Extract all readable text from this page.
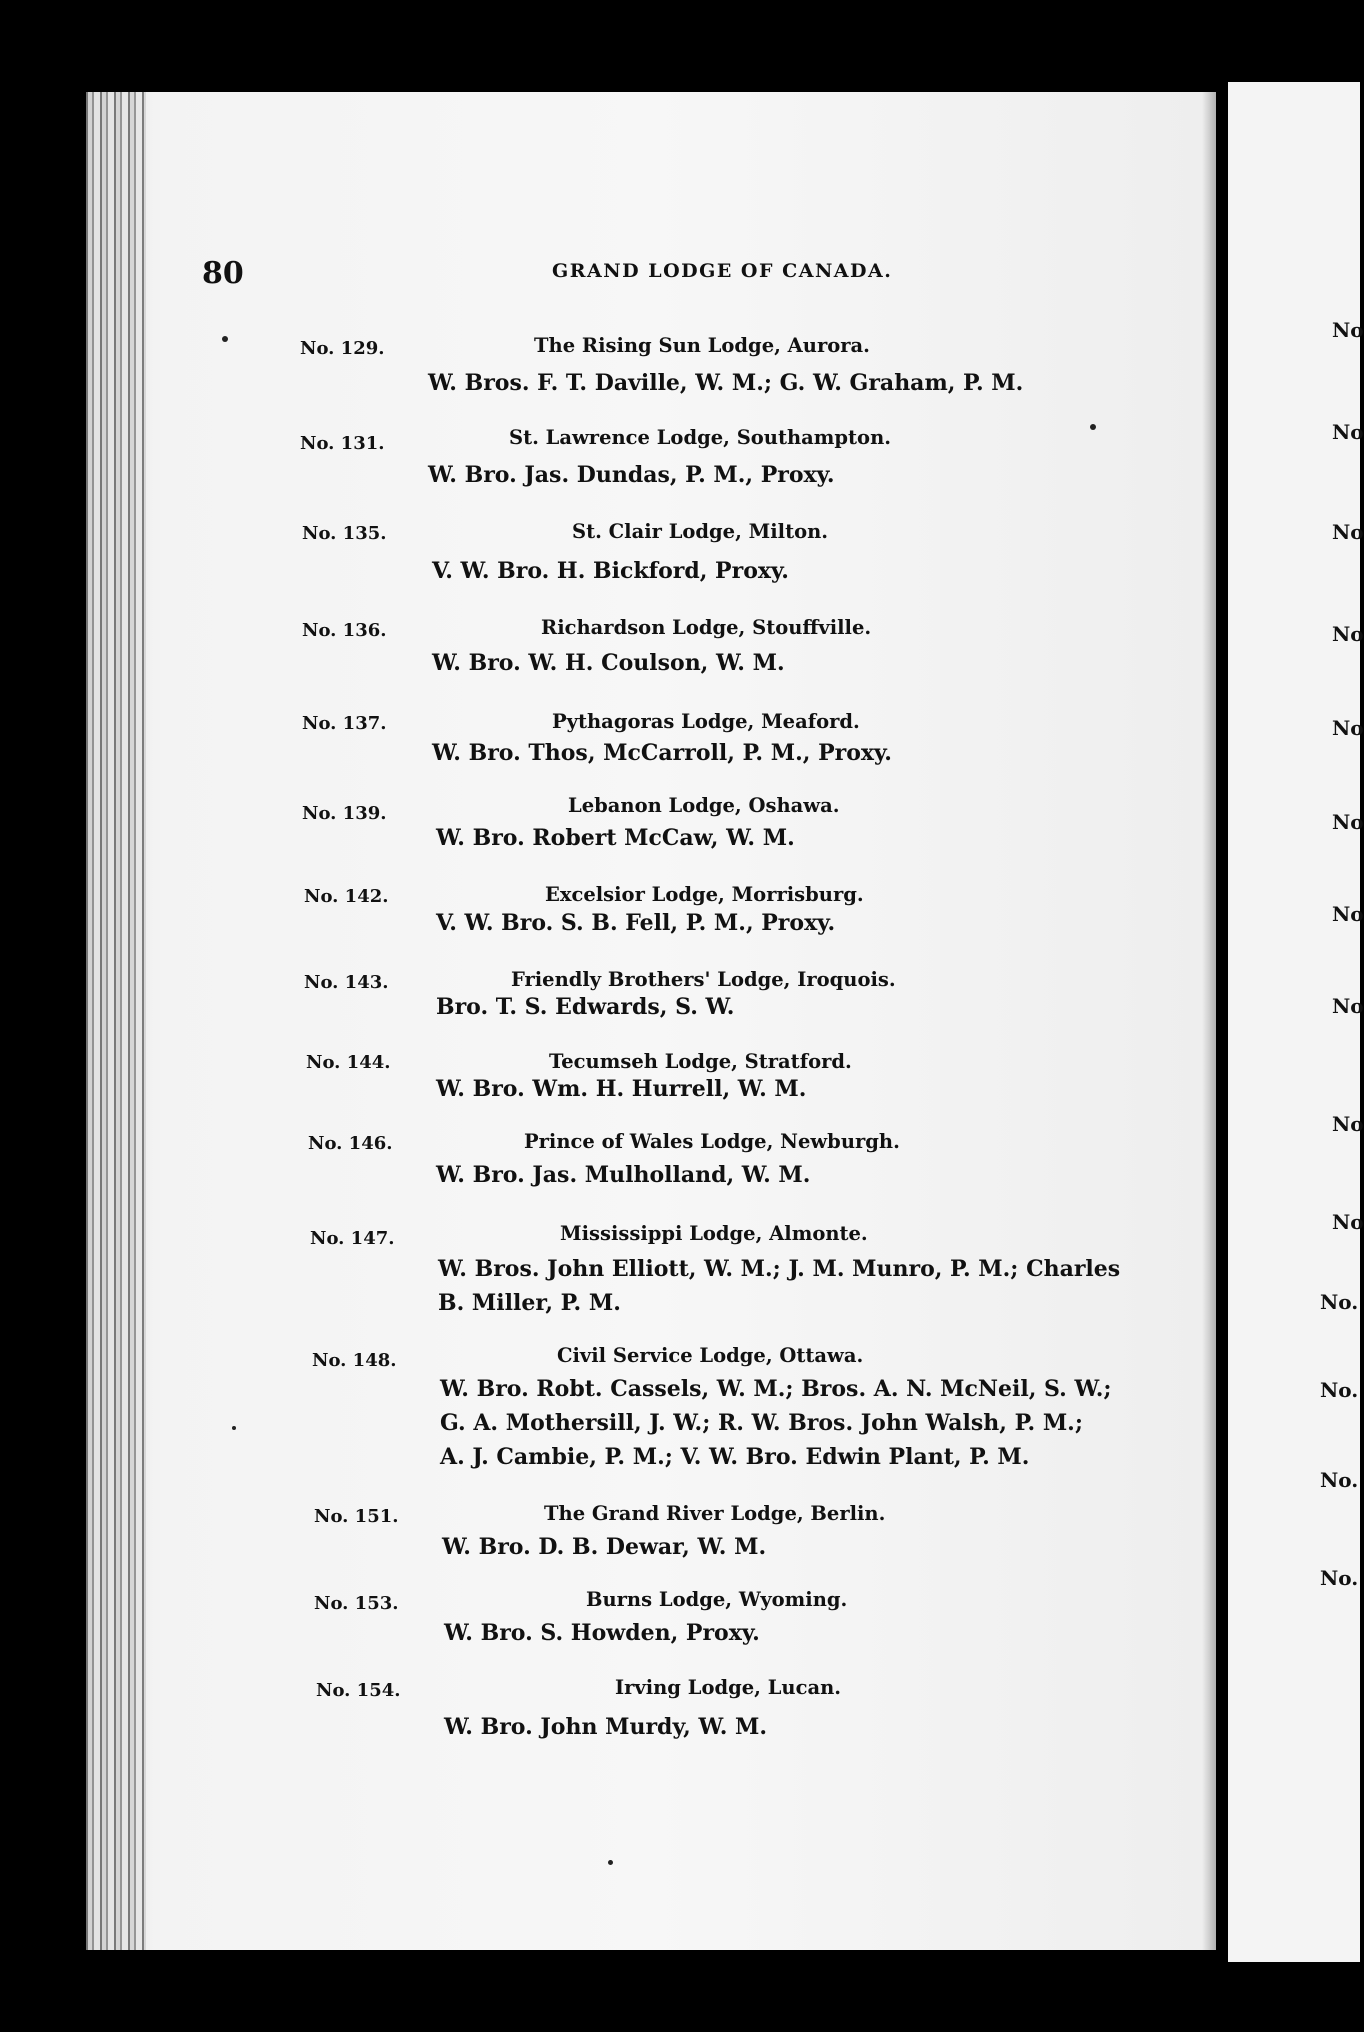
No
No
No
No
No
No
No
No
No
No
No.
No.
No.
No.
80	GRAND LODGE OF CANADA.
No. 129.	The Rising Sun Lodge, Aurora.
W. Bros. F. T. Daville, W. M.; G. W. Graham, P. M.
No. 131.	St. Lawrence Lodge, Southampton.
W. Bro. Jas. Dundas, P. M., Proxy.
No. 135.	St. Clair Lodge, Milton.
V. W. Bro. H. Bickford, Proxy.
No. 136.	Richardson Lodge, Stouffville.
W. Bro. W. H. Coulson, W. M.
No. 137.	Pythagoras Lodge, Meaford.
W. Bro. Thos, McCarroll, P. M., Proxy.
No. 139.	Lebanon Lodge, Oshawa.
W. Bro. Robert McCaw, W. M.
No. 142.	Excelsior Lodge, Morrisburg.
V. W. Bro. S. B. Fell, P. M., Proxy.
No. 143.	Friendly Brothers' Lodge, Iroquois.
Bro. T. S. Edwards, S. W.
No. 144.	Tecumseh Lodge, Stratford.
W. Bro. Wm. H. Hurrell, W. M.
No. 146.	Prince of Wales Lodge, Newburgh.
W. Bro. Jas. Mulholland, W. M.
No. 147.	Mississippi Lodge, Almonte.
W. Bros. John Elliott, W. M.; J. M. Munro, P. M.; Charles
B. Miller, P. M.
No. 148.	Civil Service Lodge, Ottawa.
W. Bro. Robt. Cassels, W. M.; Bros. A. N. McNeil, S. W.;
G. A. Mothersill, J. W.; R. W. Bros. John Walsh, P. M.;
A. J. Cambie, P. M.; V. W. Bro. Edwin Plant, P. M.
No. 151.	The Grand River Lodge, Berlin.
W. Bro. D. B. Dewar, W. M.
No. 153.	Burns Lodge, Wyoming.
W. Bro. S. Howden, Proxy.
No. 154.	Irving Lodge, Lucan.
W. Bro. John Murdy, W. M.
